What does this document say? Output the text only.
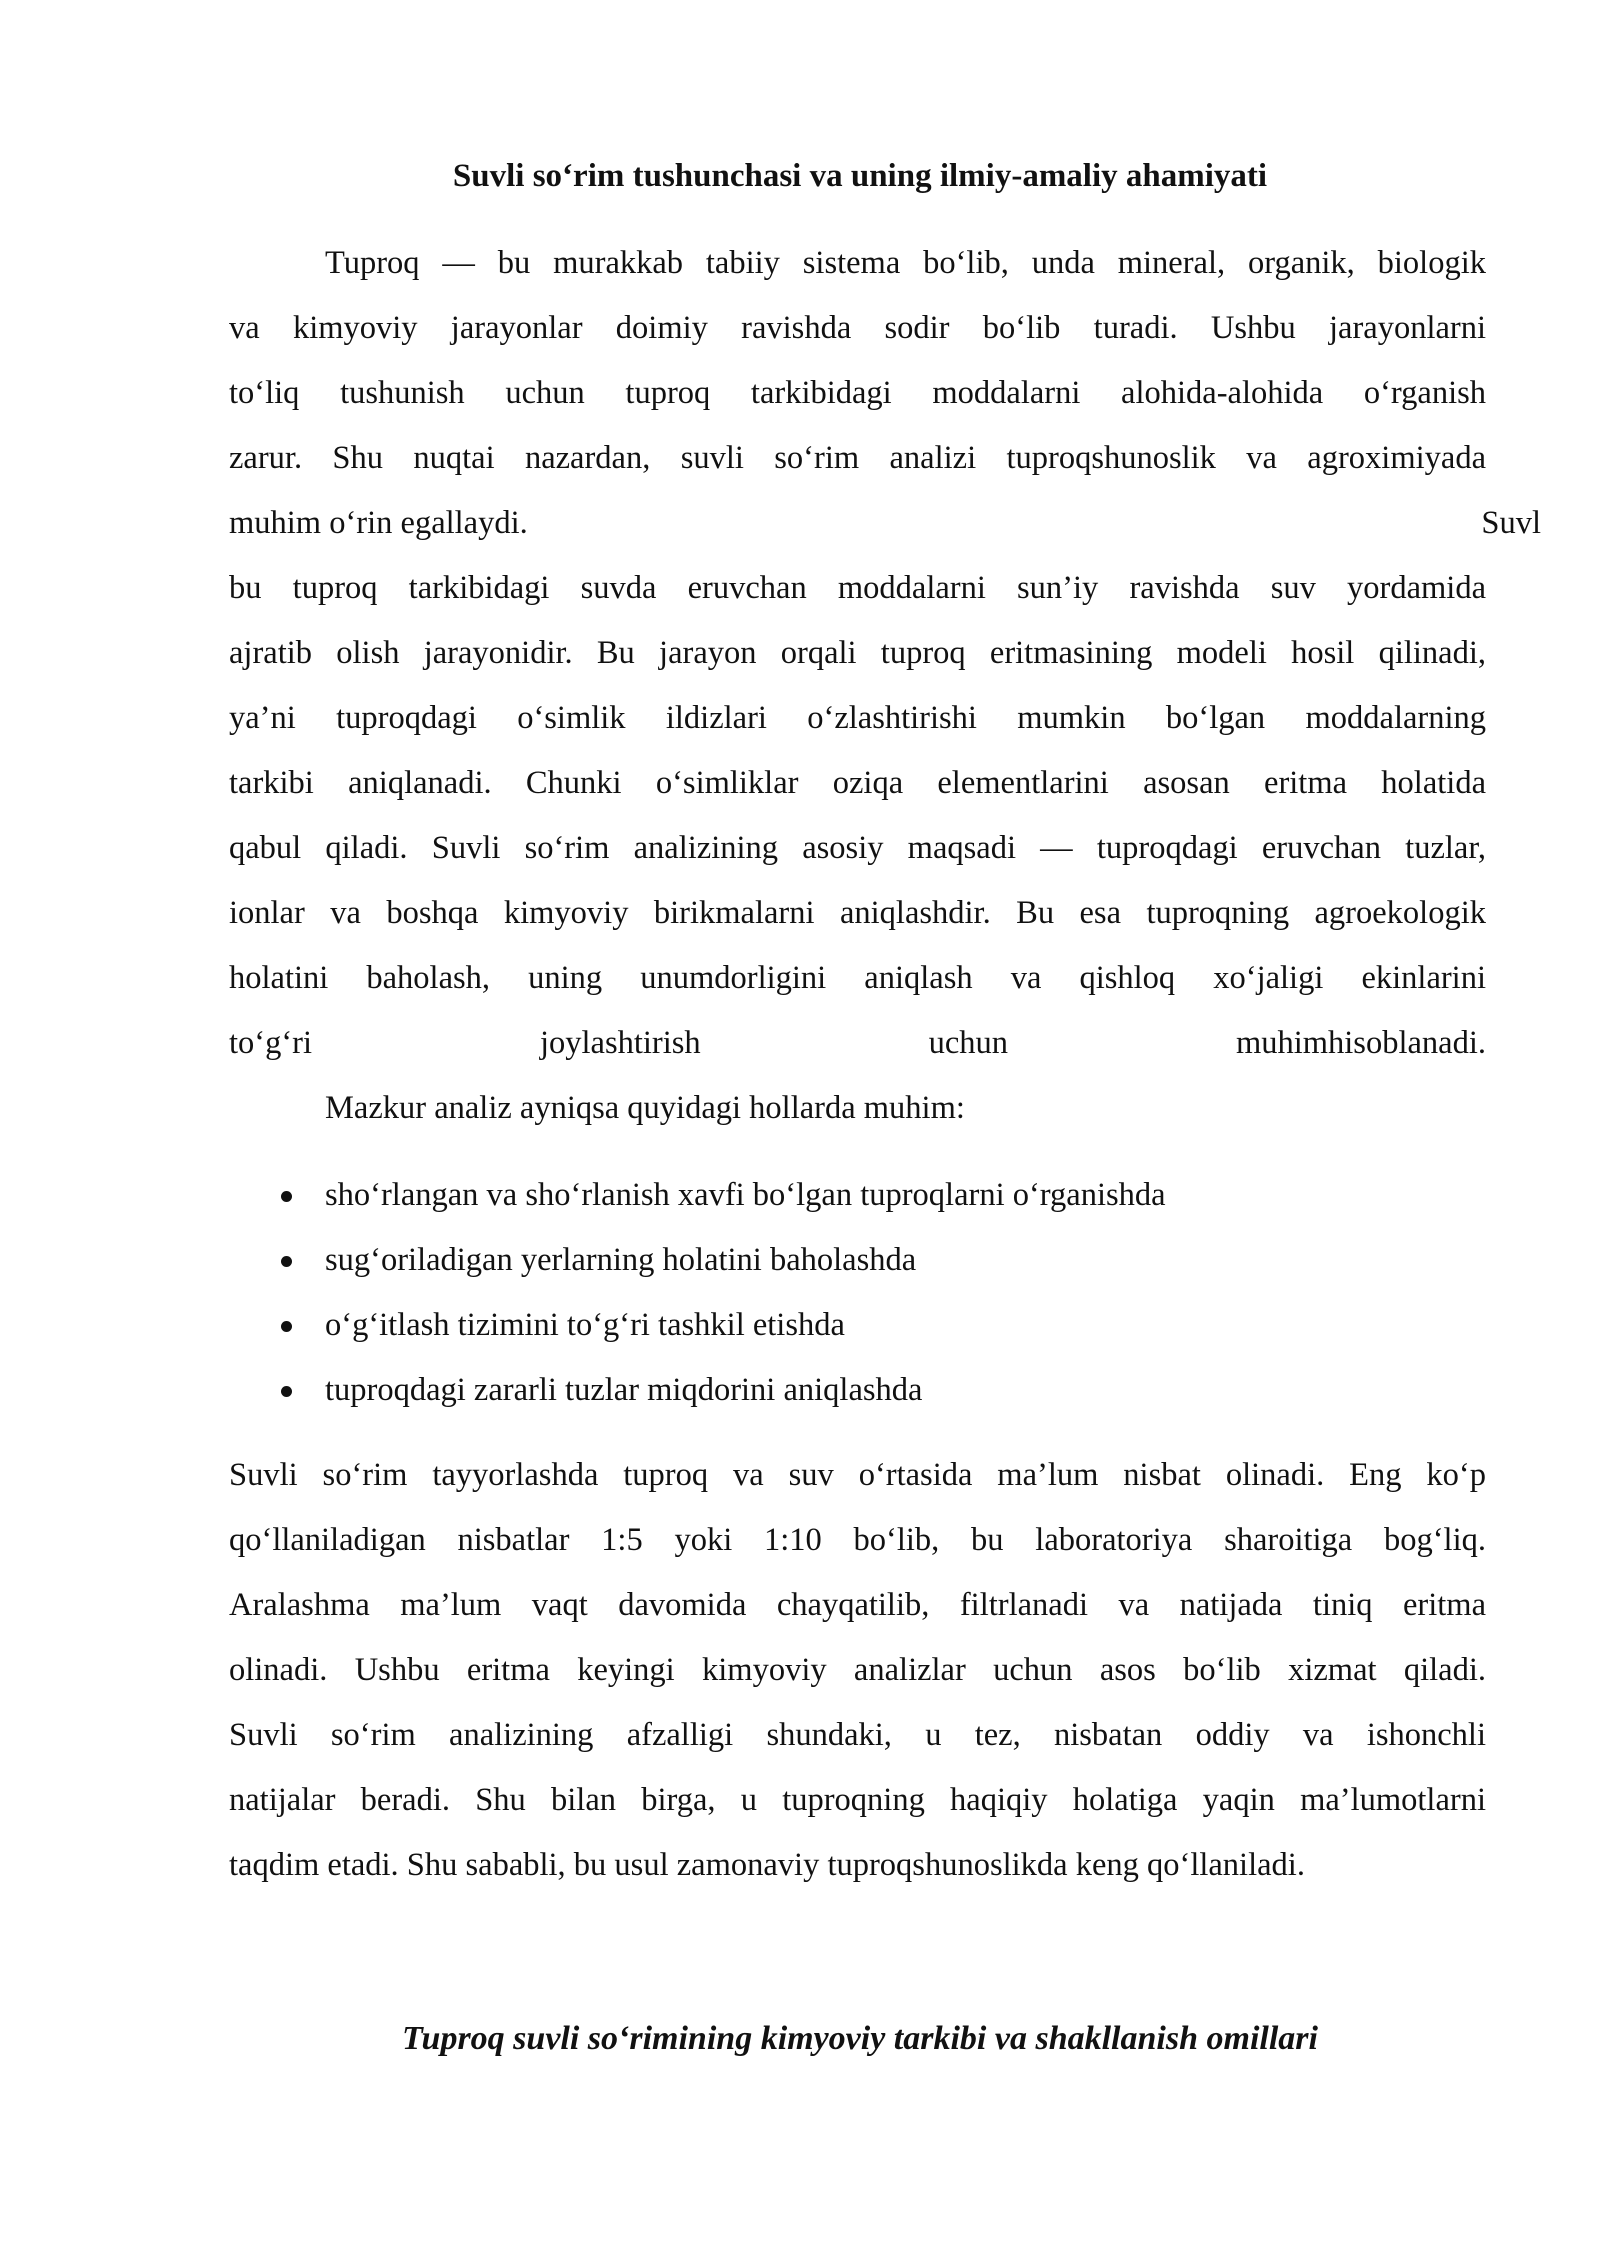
Suvli so‘rim tushunchasi va uning ilmiy-amaliy ahamiyati
Tuproq — bu murakkab tabiiy sistema bo‘lib, unda mineral, organik, biologik
va kimyoviy jarayonlar doimiy ravishda sodir bo‘lib turadi. Ushbu jarayonlarni
to‘liq tushunish uchun tuproq tarkibidagi moddalarni alohida-alohida o‘rganish
zarur. Shu nuqtai nazardan, suvli so‘rim analizi tuproqshunoslik va agroximiyada
muhim o‘rin egallaydi.	Suvl
bu tuproq tarkibidagi suvda eruvchan moddalarni sun’iy ravishda suv yordamida
ajratib olish jarayonidir. Bu jarayon orqali tuproq eritmasining modeli hosil qilinadi,
ya’ni tuproqdagi o‘simlik ildizlari o‘zlashtirishi mumkin bo‘lgan moddalarning
tarkibi aniqlanadi. Chunki o‘simliklar oziqa elementlarini asosan eritma holatida
qabul qiladi. Suvli so‘rim analizining asosiy maqsadi — tuproqdagi eruvchan tuzlar,
ionlar va boshqa kimyoviy birikmalarni aniqlashdir. Bu esa tuproqning agroekologik
holatini baholash, uning unumdorligini aniqlash va qishloq xo‘jaligi ekinlarini
to‘g‘ri joylashtirish uchun muhimhisoblanadi.
Mazkur analiz ayniqsa quyidagi hollarda muhim:
sho‘rlangan va sho‘rlanish xavfi bo‘lgan tuproqlarni o‘rganishda
sug‘oriladigan yerlarning holatini baholashda
o‘g‘itlash tizimini to‘g‘ri tashkil etishda
tuproqdagi zararli tuzlar miqdorini aniqlashda
Suvli so‘rim tayyorlashda tuproq va suv o‘rtasida ma’lum nisbat olinadi. Eng ko‘p
qo‘llaniladigan nisbatlar 1:5 yoki 1:10 bo‘lib, bu laboratoriya sharoitiga bog‘liq.
Aralashma ma’lum vaqt davomida chayqatilib, filtrlanadi va natijada tiniq eritma
olinadi. Ushbu eritma keyingi kimyoviy analizlar uchun asos bo‘lib xizmat qiladi.
Suvli so‘rim analizining afzalligi shundaki, u tez, nisbatan oddiy va ishonchli
natijalar beradi. Shu bilan birga, u tuproqning haqiqiy holatiga yaqin ma’lumotlarni
taqdim etadi. Shu sababli, bu usul zamonaviy tuproqshunoslikda keng qo‘llaniladi.
Tuproq suvli so‘rimining kimyoviy tarkibi va shakllanish omillari
